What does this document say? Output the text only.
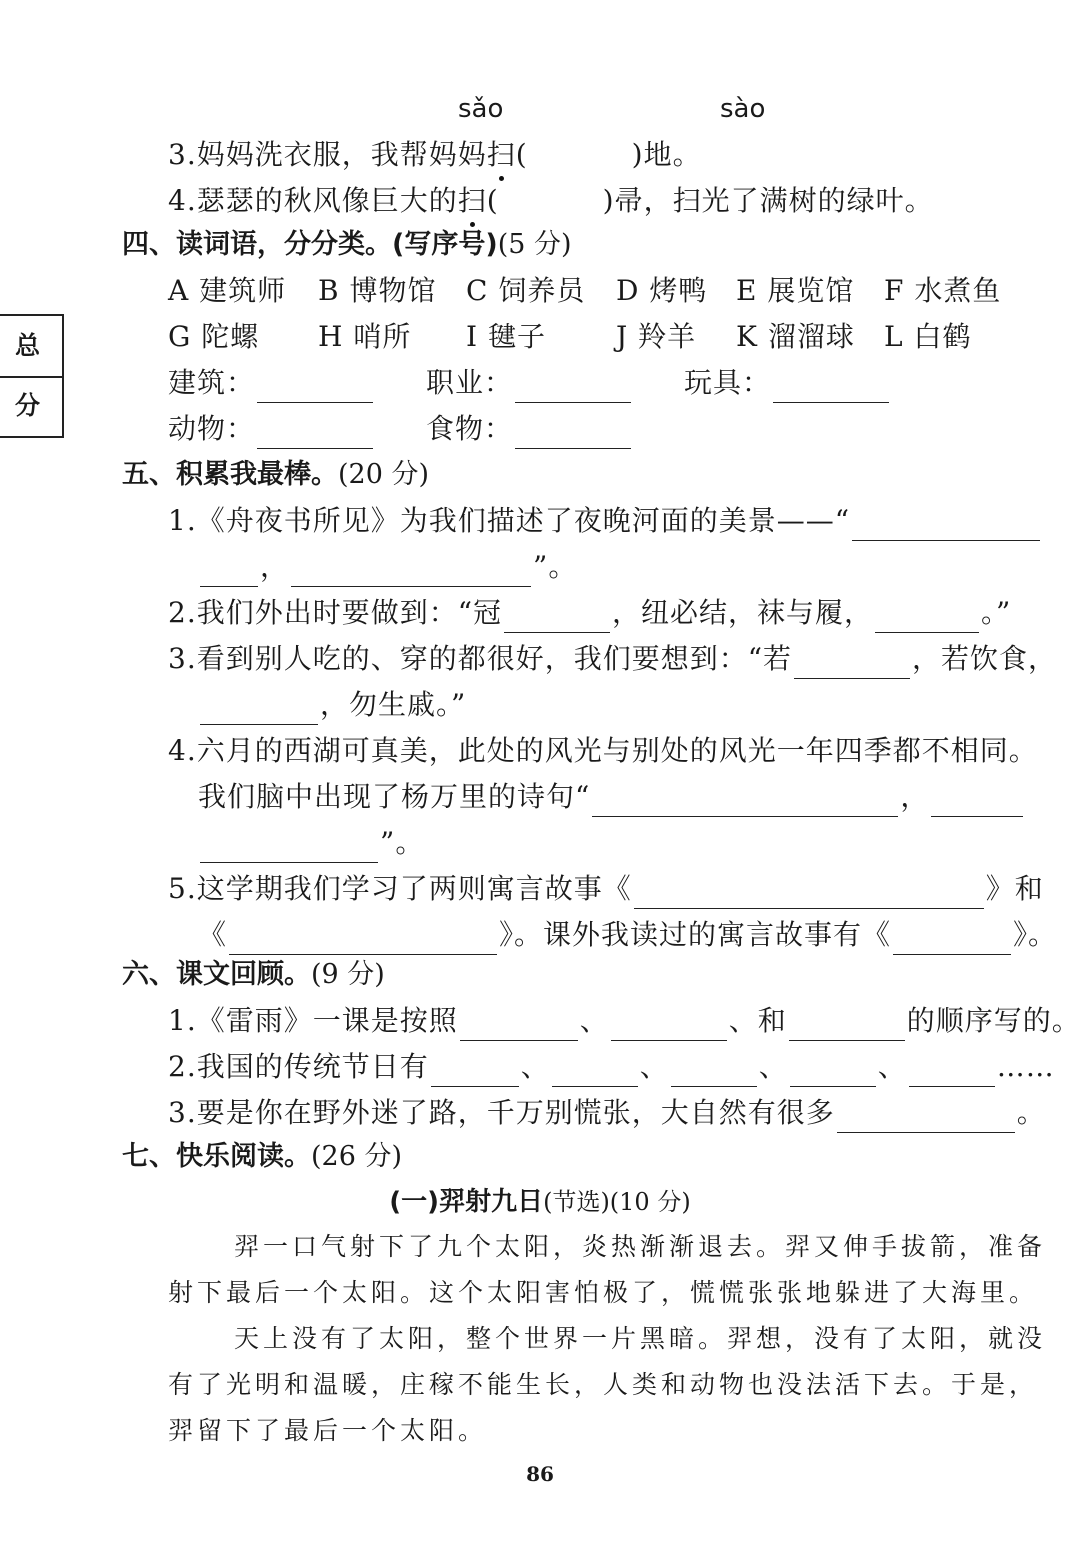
sǎo	sào
3.妈妈洗衣服，我帮妈妈扫(	)地。
4.瑟瑟的秋风像巨大的扫(	)帚，扫光了满树的绿叶。
四、读词语，分分类。(写序号)(5 分)
A 建筑师 B 博物馆 C 饲养员 D 烤鸭 E 展览馆 F 水煮鱼
G 陀螺 H 哨所 I 毽子	J 羚羊 K 溜溜球 L 白鹤
建筑：	职业：	玩具：
动物：	食物：
总分
五、积累我最棒。(20 分)
1.《舟夜书所见》为我们描述了夜晚河面的美景——“
，	”。
2.我们外出时要做到：“冠	，纽必结，袜与履，	。”
3.看到别人吃的、穿的都很好，我们要想到：“若	，若饮食，
，勿生戚。”
4.六月的西湖可真美，此处的风光与别处的风光一年四季都不相同。
我们脑中出现了杨万里的诗句“	，
”。
5.这学期我们学习了两则寓言故事《	》和
《	》。课外我读过的寓言故事有《	》。
六、课文回顾。(9 分)
1.《雷雨》一课是按照	、	、和	的顺序写的。
2.我国的传统节日有	、	、	、	、	……
3.要是你在野外迷了路，千万别慌张，大自然有很多	。
七、快乐阅读。(26 分)
(一)羿射九日(节选)(10 分)
羿一口气射下了九个太阳，炎热渐渐退去。羿又伸手拔箭，准备射下最后一个太阳。这个太阳害怕极了，慌慌张张地躲进了大海里。
天上没有了太阳，整个世界一片黑暗。羿想，没有了太阳，就没有了光明和温暖，庄稼不能生长，人类和动物也没法活下去。于是，羿留下了最后一个太阳。
86
